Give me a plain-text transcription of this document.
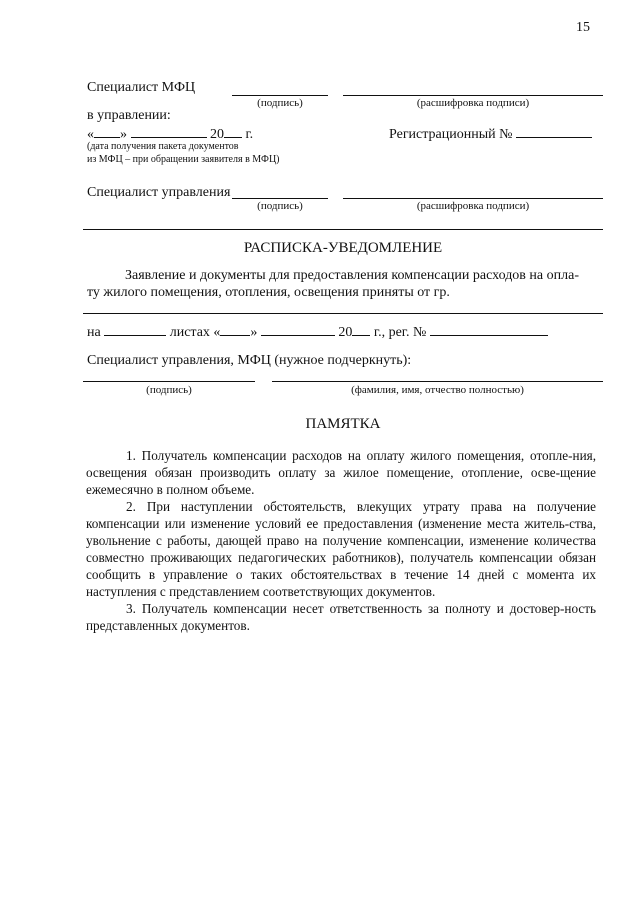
15
Специалист МФЦ
(подпись)	(расшифровка подписи)
в управлении:
« »	20 г.	Регистрационный №
(дата получения пакета документов
из МФЦ – при обращении заявителя в МФЦ)
Специалист управления
(подпись)	(расшифровка подписи)
РАСПИСКА-УВЕДОМЛЕНИЕ
Заявление и документы для предоставления компенсации расходов на опла-
ту жилого помещения, отопления, освещения приняты от гр.
на	листах « »	20 г., рег. №
Специалист управления, МФЦ (нужное подчеркнуть):
(подпись)	(фамилия, имя, отчество полностью)
ПАМЯТКА

1. Получатель компенсации расходов на оплату жилого помещения, отопле-ния, освещения обязан производить оплату за жилое помещение, отопление, осве-щение ежемесячно в полном объеме.

2. При наступлении обстоятельств, влекущих утрату права на получение компенсации или изменение условий ее предоставления (изменение места житель-ства, увольнение с работы, дающей право на получение компенсации, изменение количества совместно проживающих педагогических работников), получатель компенсации обязан сообщить в управление о таких обстоятельствах в течение 14 дней с момента их наступления с представлением соответствующих документов.

3. Получатель компенсации несет ответственность за полноту и достовер-ность представленных документов.
